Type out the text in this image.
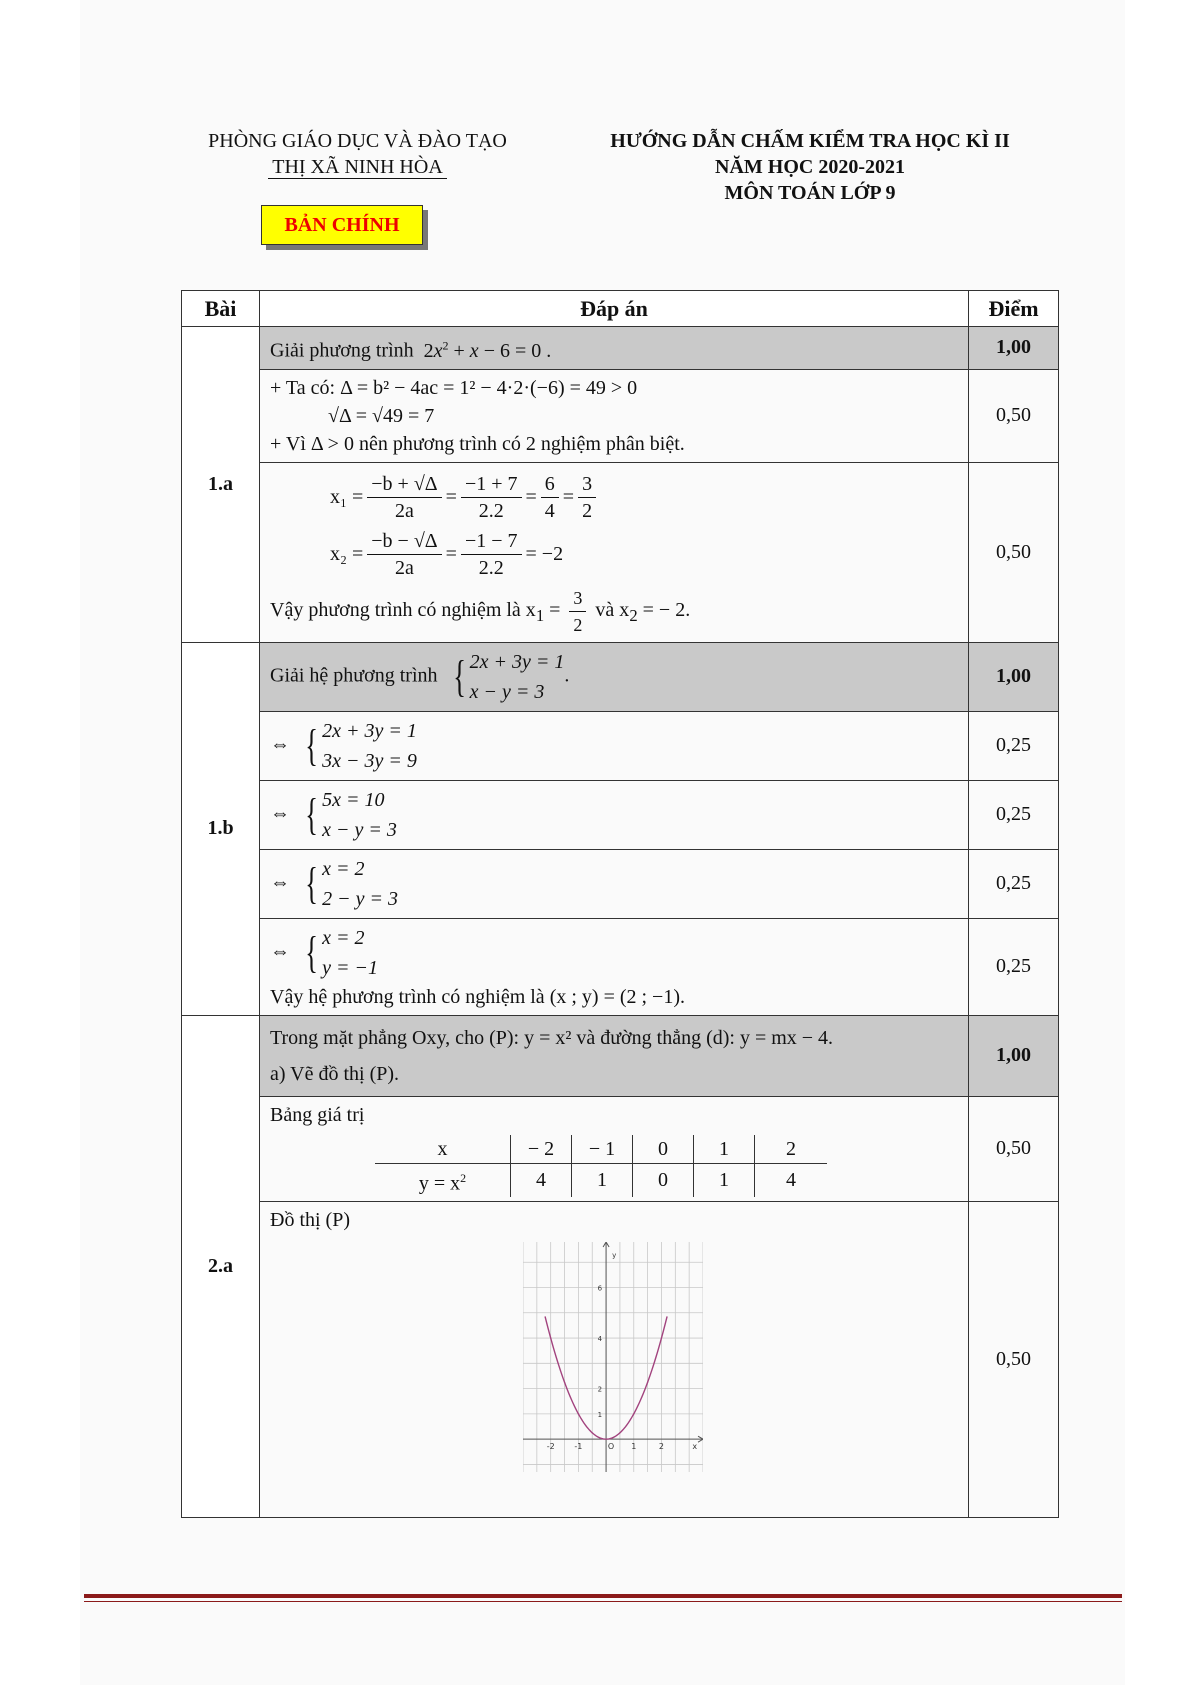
PHÒNG GIÁO DỤC VÀ ĐÀO TẠO
THỊ XÃ NINH HÒA
HƯỚNG DẪN CHẤM KIỂM TRA HỌC KÌ II
NĂM HỌC 2020-2021
MÔN TOÁN LỚP 9
BẢN CHÍNH
Bài	Đáp án	Điểm
1.a	Giải phương trình  $2x^2 + x - 6 = 0$ .	1,00

+ Ta có: Δ = b² − 4ac = 1² − 4·2·(−6) = 49 > 0
√Δ = √49 = 7
+ Vì Δ > 0 nên phương trình có 2 nghiệm phân biệt.
	0,50

$x_1 = \frac{-b + √\Delta}{2a} = \frac{-1 + 7}{2.2} = \frac{6}{4} = \frac{3}{2}$
$x_2 = \frac{-b - √\Delta}{2a} = \frac{-1 - 7}{2.2} = -2$
Vậy phương trình có nghiệm là $x_1 = \frac{3}{2}$ và $x_2$ = − 2.
	0,50
1.b	Giải hệ phương trình { 2x + 3y = 1
x − y = 3
.	1,00
⇔ { 2x + 3y = 1
3x − 3y = 9
	0,25
⇔ { 5x = 10
x − y = 3
	0,25
⇔ { x = 2
2 − y = 3
	0,25
⇔ { x = 2
y = −1
Vậy hệ phương trình có nghiệm là (x ; y) = (2 ; −1).
	0,25
2.a	
Trong mặt phẳng Oxy, cho (P): y = x² và đường thẳng (d): y = mx − 4.
a) Vẽ đồ thị (P).
	1,00

Bảng giá trị
x	− 2	− 1	0	1	2
$y = x^2$	4	1	0	1	4
	0,50

Đồ thị (P)
-2 -1	O 1	2	x
1
2
4
6
y
	0,50
